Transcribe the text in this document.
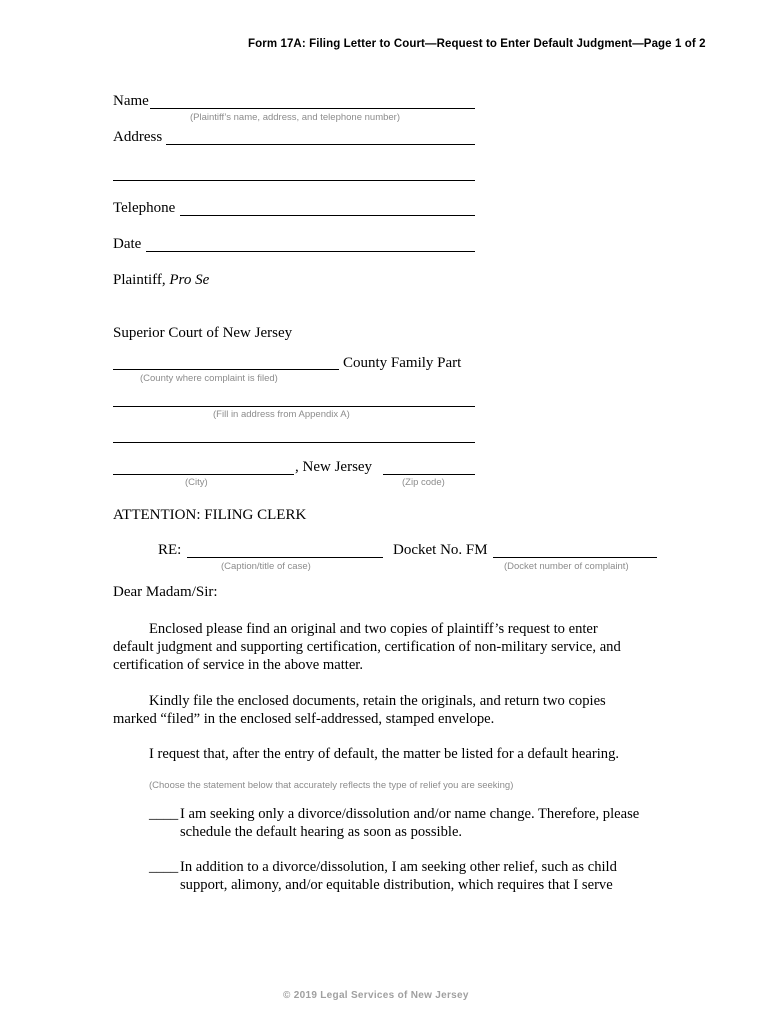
Form 17A: Filing Letter to Court—Request to Enter Default Judgment—Page 1 of 2
Name
(Plaintiff’s name, address, and telephone number)
Address
Telephone
Date
Plaintiff, Pro Se
Superior Court of New Jersey
County Family Part
(County where complaint is filed)
(Fill in address from Appendix A)
, New Jersey
(City)	(Zip code)
ATTENTION: FILING CLERK
RE:	Docket No. FM
(Caption/title of case)	(Docket number of complaint)
Dear Madam/Sir:
Enclosed please find an original and two copies of plaintiff’s request to enter
default judgment and supporting certification, certification of non-military service, and
certification of service in the above matter.
Kindly file the enclosed documents, retain the originals, and return two copies
marked “filed” in the enclosed self-addressed, stamped envelope.
I request that, after the entry of default, the matter be listed for a default hearing.
(Choose the statement below that accurately reflects the type of relief you are seeking)
____ I am seeking only a divorce/dissolution and/or name change. Therefore, please
schedule the default hearing as soon as possible.
____ In addition to a divorce/dissolution, I am seeking other relief, such as child
support, alimony, and/or equitable distribution, which requires that I serve
© 2019 Legal Services of New Jersey
